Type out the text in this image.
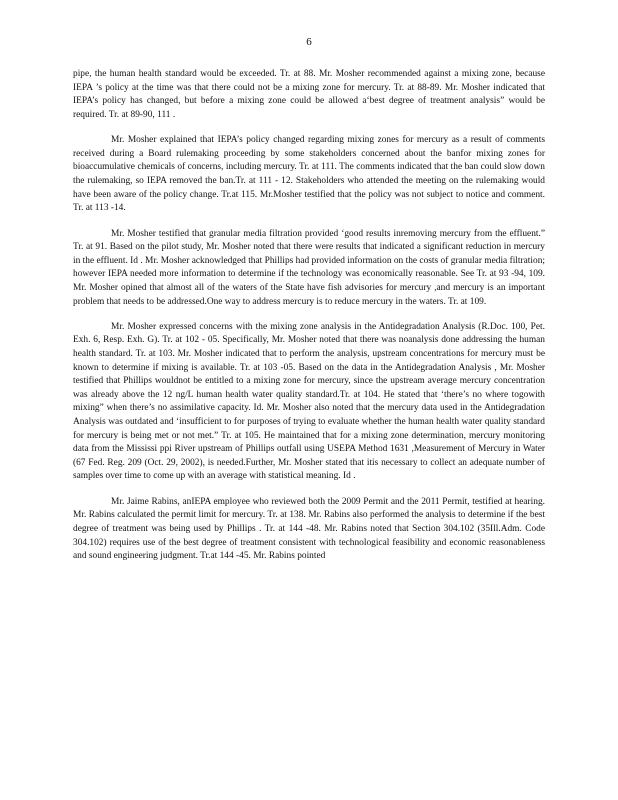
6

pipe, the human health standard would be exceeded. Tr. at 88. Mr. Mosher recommended against a mixing zone, because IEPA ’s policy at the time was that there could not be a mixing zone for mercury. Tr. at 88-89. Mr. Mosher indicated that IEPA’s policy has changed, but before a mixing zone could be allowed a‘best degree of treatment analysis” would be required. Tr. at 89-90, 111 .

Mr. Mosher explained that IEPA’s policy changed regarding mixing zones for mercury as a result of comments received during a Board rulemaking proceeding by some stakeholders concerned about the banfor mixing zones for bioaccumulative chemicals of concerns, including mercury. Tr. at 111. The comments indicated that the ban could slow down the rulemaking, so IEPA removed the ban.Tr. at 111 - 12. Stakeholders who attended the meeting on the rulemaking would have been aware of the policy change. Tr.at 115. Mr.Mosher testified that the policy was not subject to notice and comment. Tr. at 113 -14.

Mr. Mosher testified that granular media filtration provided ‘good results inremoving mercury from the effluent.” Tr. at 91. Based on the pilot study, Mr. Mosher noted that there were results that indicated a significant reduction in mercury in the effluent. Id . Mr. Mosher acknowledged that Phillips had provided information on the costs of granular media filtration; however IEPA needed more information to determine if the technology was economically reasonable. See Tr. at 93 -94, 109. Mr. Mosher opined that almost all of the waters of the State have fish advisories for mercury ,and mercury is an important problem that needs to be addressed.One way to address mercury is to reduce mercury in the waters. Tr. at 109.

Mr. Mosher expressed concerns with the mixing zone analysis in the Antidegradation Analysis (R.Doc. 100, Pet. Exh. 6, Resp. Exh. G). Tr. at 102 - 05. Specifically, Mr. Mosher noted that there was noanalysis done addressing the human health standard. Tr. at 103. Mr. Mosher indicated that to perform the analysis, upstream concentrations for mercury must be known to determine if mixing is available. Tr. at 103 -05. Based on the data in the Antidegradation Analysis , Mr. Mosher testified that Phillips wouldnot be entitled to a mixing zone for mercury, since the upstream average mercury concentration was already above the 12 ng/L human health water quality standard.Tr. at 104. He stated that ‘there’s no where togowith mixing” when there’s no assimilative capacity. Id. Mr. Mosher also noted that the mercury data used in the Antidegradation Analysis was outdated and ‘insufficient to for purposes of trying to evaluate whether the human health water quality standard for mercury is being met or not met.” Tr. at 105. He maintained that for a mixing zone determination, mercury monitoring data from the Mississi ppi River upstream of Phillips outfall using USEPA Method 1631 ,Measurement of Mercury in Water (67 Fed. Reg. 209 (Oct. 29, 2002), is needed.Further, Mr. Mosher stated that itis necessary to collect an adequate number of samples over time to come up with an average with statistical meaning. Id .

Mr. Jaime Rabins, anIEPA employee who reviewed both the 2009 Permit and the 2011 Permit, testified at hearing. Mr. Rabins calculated the permit limit for mercury. Tr. at 138. Mr. Rabins also performed the analysis to determine if the best degree of treatment was being used by Phillips . Tr. at 144 -48. Mr. Rabins noted that Section 304.102 (35Ill.Adm. Code 304.102) requires use of the best degree of treatment consistent with technological feasibility and economic reasonableness and sound engineering judgment. Tr.at 144 -45. Mr. Rabins pointed
